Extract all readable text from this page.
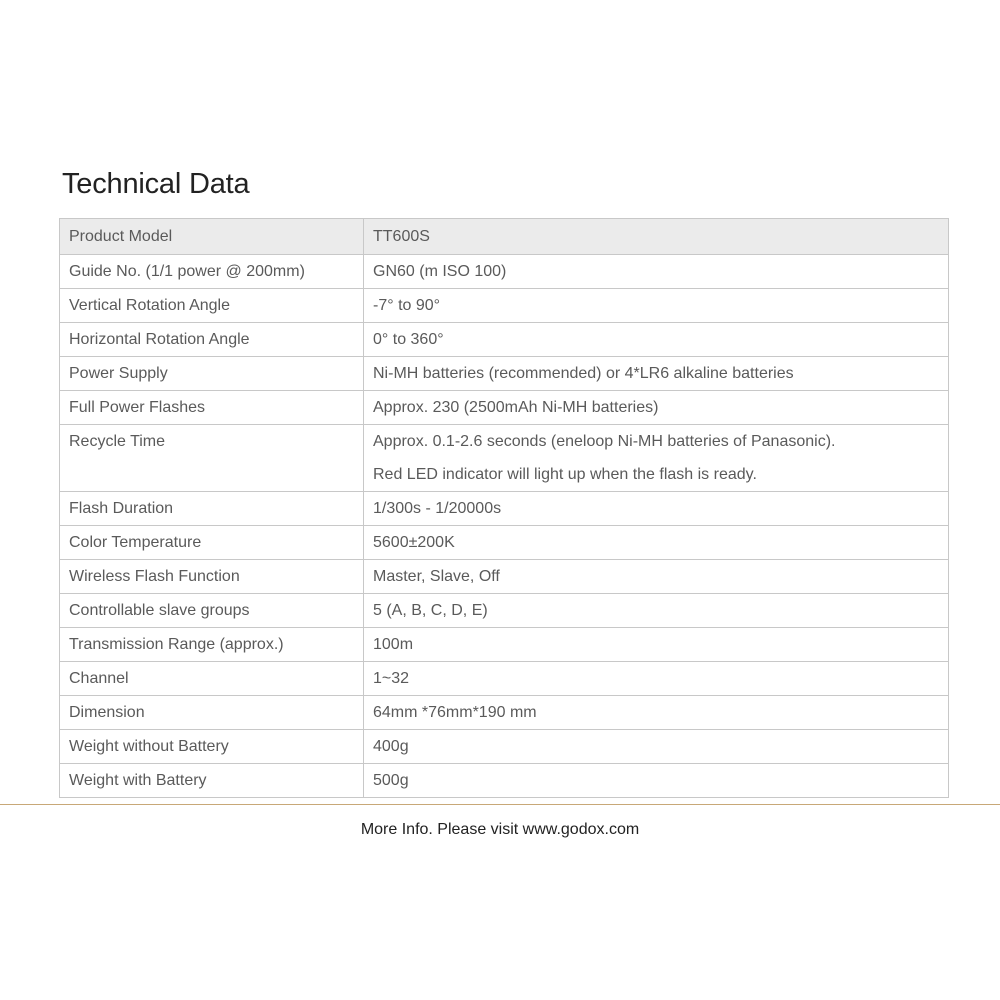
Technical Data
Product Model	TT600S
Guide No. (1/1 power @ 200mm)	GN60 (m ISO 100)
Vertical Rotation Angle	-7° to 90°
Horizontal Rotation Angle	0° to 360°
Power Supply	Ni-MH batteries (recommended) or 4*LR6 alkaline batteries
Full Power Flashes	Approx. 230 (2500mAh Ni-MH batteries)

Recycle Time	Approx. 0.1-2.6 seconds (eneloop Ni-MH batteries of Panasonic).
Red LED indicator will light up when the flash is ready.

Flash Duration	1/300s - 1/20000s
Color Temperature	5600±200K
Wireless Flash Function	Master, Slave, Off
Controllable slave groups	5 (A, B, C, D, E)
Transmission Range (approx.)	100m
Channel	1~32
Dimension	64mm *76mm*190 mm
Weight without Battery	400g
Weight with Battery	500g

More Info. Please visit www.godox.com
